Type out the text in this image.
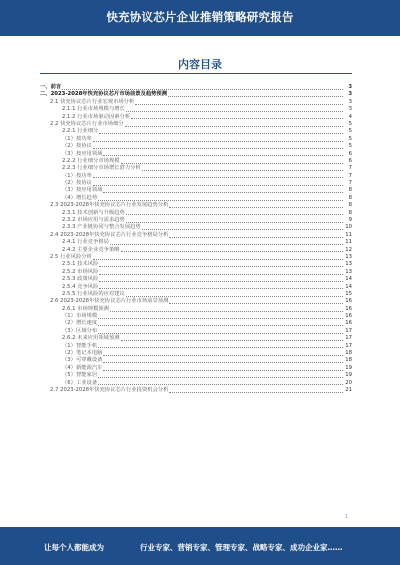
快充协议芯片企业推销策略研究报告
内容目录
一、前言	3
二、2023-2028年快充协议芯片市场前景及趋势预测	3
2.1 快充协议芯片行业宏观市场分析	3
2.1.1 行业市场规模与增长	3
2.1.2 行业市场驱动因素分析	4
2.2 快充协议芯片行业市场细分	5
2.2.1 行业细分	5
（1）按功率	5
（2）按协议	5
（3）按应用领域	6
2.2.2 行业细分市场规模	6
2.2.3 行业细分市场增长潜力分析	7
（1）按功率	7
（2）按协议	7
（3）按应用领域	8
（4）增长趋势	8
2.3 2023-2028年快充协议芯片行业发展趋势分析	8
2.3.1 技术创新与升级趋势	8
2.3.2 市场应用与需求趋势	9
2.3.3 产业链协同与整合发展趋势	10
2.4 2023-2028年快充协议芯片行业竞争格局分析	11
2.4.1 行业竞争格局	11
2.4.2 主要企业竞争策略	12
2.5 行业风险分析	13
2.5.1 技术风险	13
2.5.2 市场风险	13
2.5.3 政策风险	14
2.5.4 竞争风险	14
2.5.5 行业风险的应对建议	15
2.6 2023-2028年快充协议芯片行业市场前景预测	16
2.6.1 市场规模预测	16
（1）市场规模	16
（2）增长速度	16
（3）区域分布	17
2.6.2 未来应用领域预测	17
（1）智能手机	17
（2）笔记本电脑	18
（3）可穿戴设备	18
（4）新能源汽车	19
（5）智能家居	19
（6）工业设备	20
2.7 2023-2028年快充协议芯片行业投资机会分析	21
1
让每个人都能成为	行业专家、营销专家、管理专家、战略专家、成功企业家……
